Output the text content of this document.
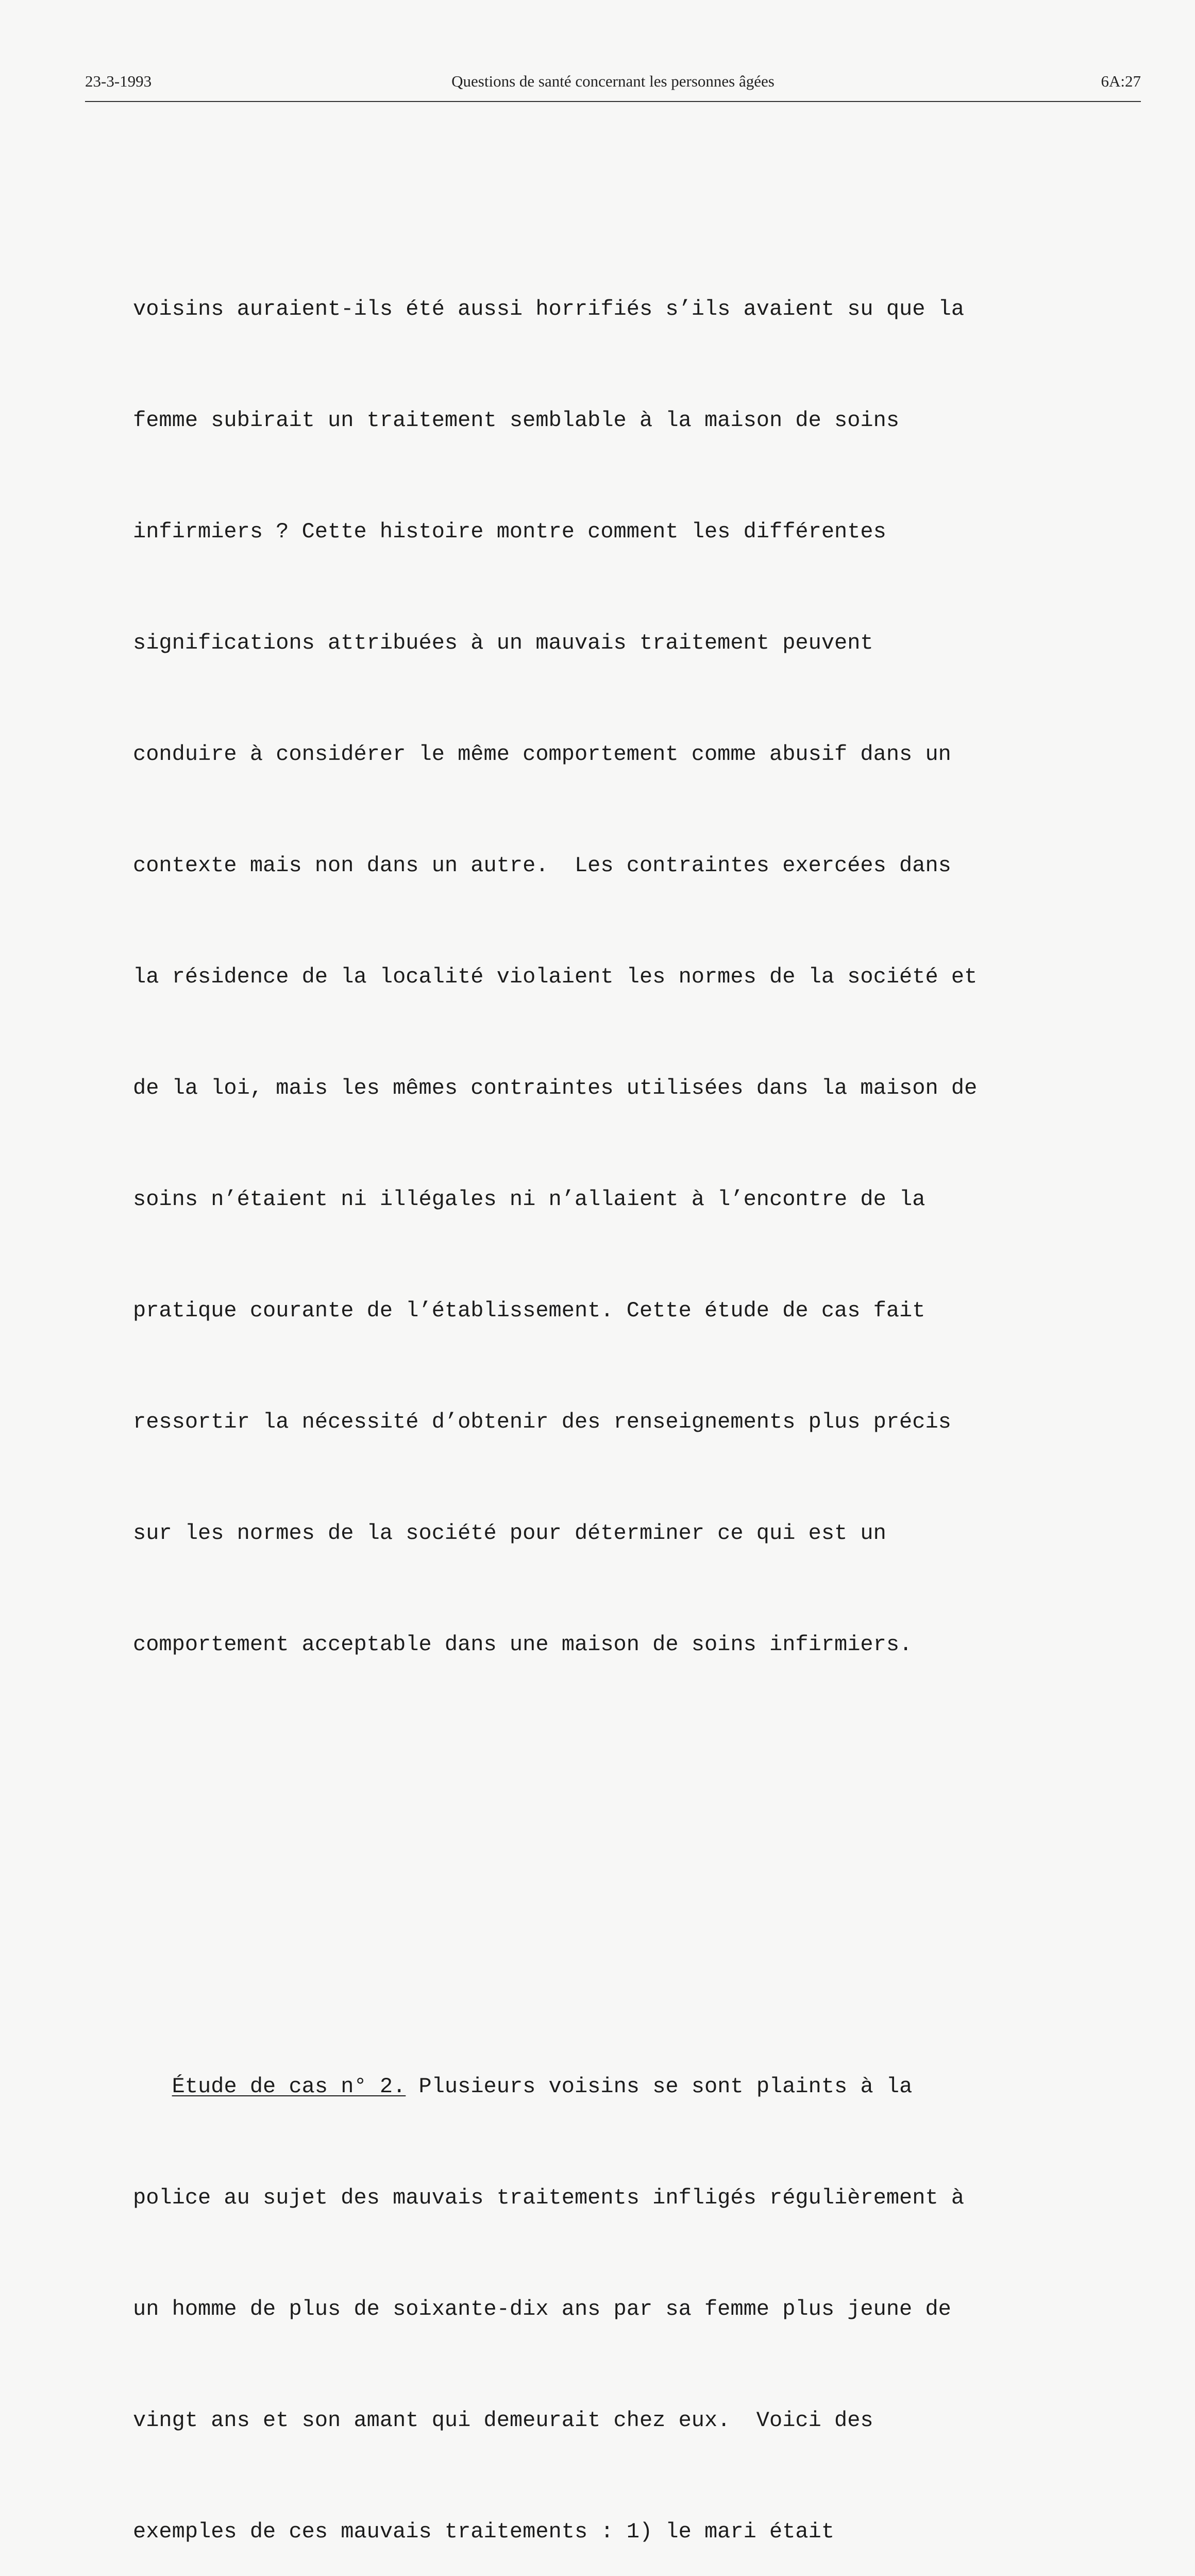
23-3-1993	Questions de santé concernant les personnes âgées	6A:27

voisins auraient-ils été aussi horrifiés s’ils avaient su que la

femme subirait un traitement semblable à la maison de soins

infirmiers ? Cette histoire montre comment les différentes

significations attribuées à un mauvais traitement peuvent

conduire à considérer le même comportement comme abusif dans un

contexte mais non dans un autre.  Les contraintes exercées dans

la résidence de la localité violaient les normes de la société et

de la loi, mais les mêmes contraintes utilisées dans la maison de

soins n’étaient ni illégales ni n’allaient à l’encontre de la

pratique courante de l’établissement. Cette étude de cas fait

ressortir la nécessité d’obtenir des renseignements plus précis

sur les normes de la société pour déterminer ce qui est un

comportement acceptable dans une maison de soins infirmiers.

Étude de cas n° 2. Plusieurs voisins se sont plaints à la

police au sujet des mauvais traitements infligés régulièrement à

un homme de plus de soixante-dix ans par sa femme plus jeune de

vingt ans et son amant qui demeurait chez eux.  Voici des

exemples de ces mauvais traitements : 1) le mari était
